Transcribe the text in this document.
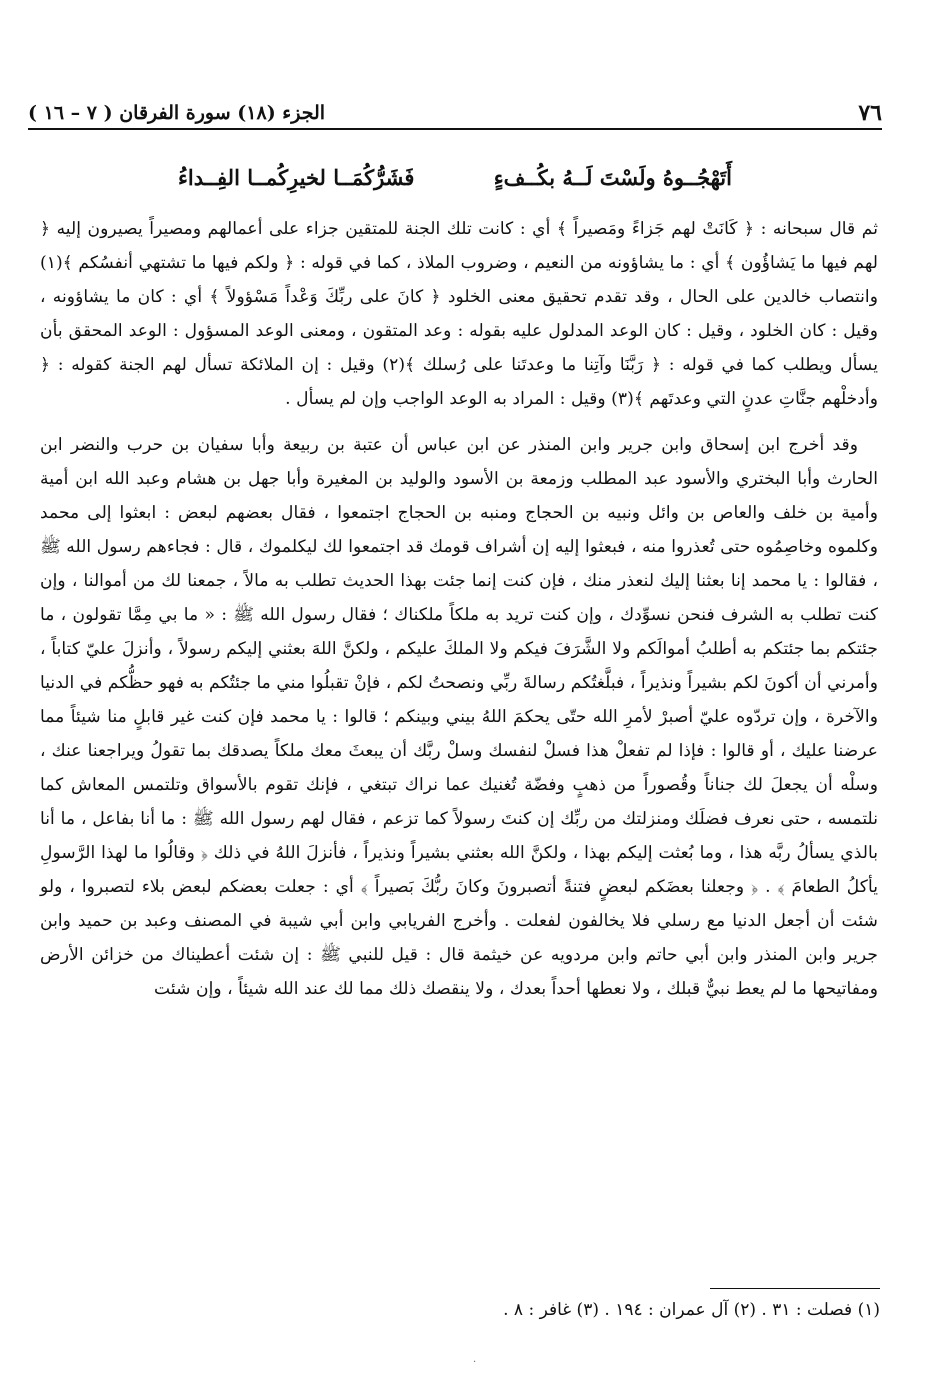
٧٦
الجزء (١٨) سورة الفرقان ( ٧ – ١٦ )
أَتَهْجُــوهُ ولَسْتَ لَــهُ بكُــفءٍ فَشَرُّكُمَــا لخيرِكُمــا الفِــداءُ

ثم قال سبحانه : ﴿ كَانَتْ لهم جَزاءً ومَصيراً ﴾ أي : كانت تلك الجنة للمتقين جزاء على أعمالهم ومصيراً يصيرون إليه ﴿ لهم فيها ما يَشاؤُون ﴾ أي : ما يشاؤونه من النعيم ، وضروب الملاذ ، كما في قوله : ﴿ ولكم فيها ما تشتهي أنفسُكم ﴾(١) وانتصاب خالدين على الحال ، وقد تقدم تحقيق معنى الخلود ﴿ كانَ على ربِّكَ وَعْداً مَسْؤولاً ﴾ أي : كان ما يشاؤونه ، وقيل : كان الخلود ، وقيل : كان الوعد المدلول عليه بقوله : وعد المتقون ، ومعنى الوعد المسؤول : الوعد المحقق بأن يسأل ويطلب كما في قوله : ﴿ رَبَّنَا وآتِنا ما وعدتَنا على رُسلك ﴾(٢) وقيل : إن الملائكة تسأل لهم الجنة كقوله : ﴿ وأدخلْهم جنَّاتِ عدنٍ التي وعدتَهم ﴾(٣) وقيل : المراد به الوعد الواجب وإن لم يسأل .

وقد أخرج ابن إسحاق وابن جرير وابن المنذر عن ابن عباس أن عتبة بن ربيعة وأبا سفيان بن حرب والنضر ابن الحارث وأبا البختري والأسود عبد المطلب وزمعة بن الأسود والوليد بن المغيرة وأبا جهل بن هشام وعبد الله ابن أمية وأمية بن خلف والعاص بن وائل ونبيه بن الحجاج ومنبه بن الحجاج اجتمعوا ، فقال بعضهم لبعض : ابعثوا إلى محمد وكلموه وخاصِمُوه حتى تُعذروا منه ، فبعثوا إليه إن أشراف قومك قد اجتمعوا لك ليكلموك ، قال : فجاءهم رسول الله ﷺ ، فقالوا : يا محمد إنا بعثنا إليك لنعذر منك ، فإن كنت إنما جئت بهذا الحديث تطلب به مالاً ، جمعنا لك من أموالنا ، وإن كنت تطلب به الشرف فنحن نسوِّدك ، وإن كنت تريد به ملكاً ملكناك ؛ فقال رسول الله ﷺ : « ما بي مِمَّا تقولون ، ما جئتكم بما جئتكم به أطلبُ أموالَكم ولا الشَّرَفَ فيكم ولا الملكَ عليكم ، ولكنَّ اللهَ بعثني إليكم رسولاً ، وأنزلَ عليّ كتاباً ، وأمرني أن أكونَ لكم بشيراً ونذيراً ، فبلَّغتُكم رسالةَ ربِّي ونصحتُ لكم ، فإنْ تقبلُوا مني ما جئتُكم به فهو حظُّكم في الدنيا والآخرة ، وإن تردّوه عليّ أصبرْ لأمرِ الله حتّى يحكمَ اللهُ بيني وبينكم ؛ قالوا : يا محمد فإن كنت غير قابلٍ منا شيئاً مما عرضنا عليك ، أو قالوا : فإذا لم تفعلْ هذا فسلْ لنفسك وسلْ ربَّك أن يبعثَ معك ملكاً يصدقك بما تقولُ ويراجعنا عنك ، وسلْه أن يجعلَ لك جناناً وقُصوراً من ذهبٍ وفضّة تُغنيك عما نراك تبتغي ، فإنك تقوم بالأسواق وتلتمس المعاش كما نلتمسه ، حتى نعرف فضلَك ومنزلتك من ربِّك إن كنتَ رسولاً كما تزعم ، فقال لهم رسول الله ﷺ : ما أنا بفاعل ، ما أنا بالذي يسألُ ربَّه هذا ، وما بُعثت إليكم بهذا ، ولكنَّ الله بعثني بشيراً ونذيراً ، فأنزلَ اللهُ في ذلك ﴿ وقالُوا ما لهذا الرَّسولِ يأكلُ الطعامَ ﴾ . ﴿ وجعلنا بعضَكم لبعضٍ فتنةً أتصبرونَ وكانَ ربُّكَ بَصيراً ﴾ أي : جعلت بعضكم لبعض بلاء لتصبروا ، ولو شئت أن أجعل الدنيا مع رسلي فلا يخالفون لفعلت . وأخرج الفريابي وابن أبي شيبة في المصنف وعبد بن حميد وابن جرير وابن المنذر وابن أبي حاتم وابن مردويه عن خيثمة قال : قيل للنبي ﷺ : إن شئت أعطيناك من خزائن الأرض ومفاتيحها ما لم يعط نبيٌّ قبلك ، ولا نعطها أحداً بعدك ، ولا ينقصك ذلك مما لك عند الله شيئاً ، وإن شئت

(١) فصلت : ٣١ . (٢) آل عمران : ١٩٤ . (٣) غافر : ٨ .
·
